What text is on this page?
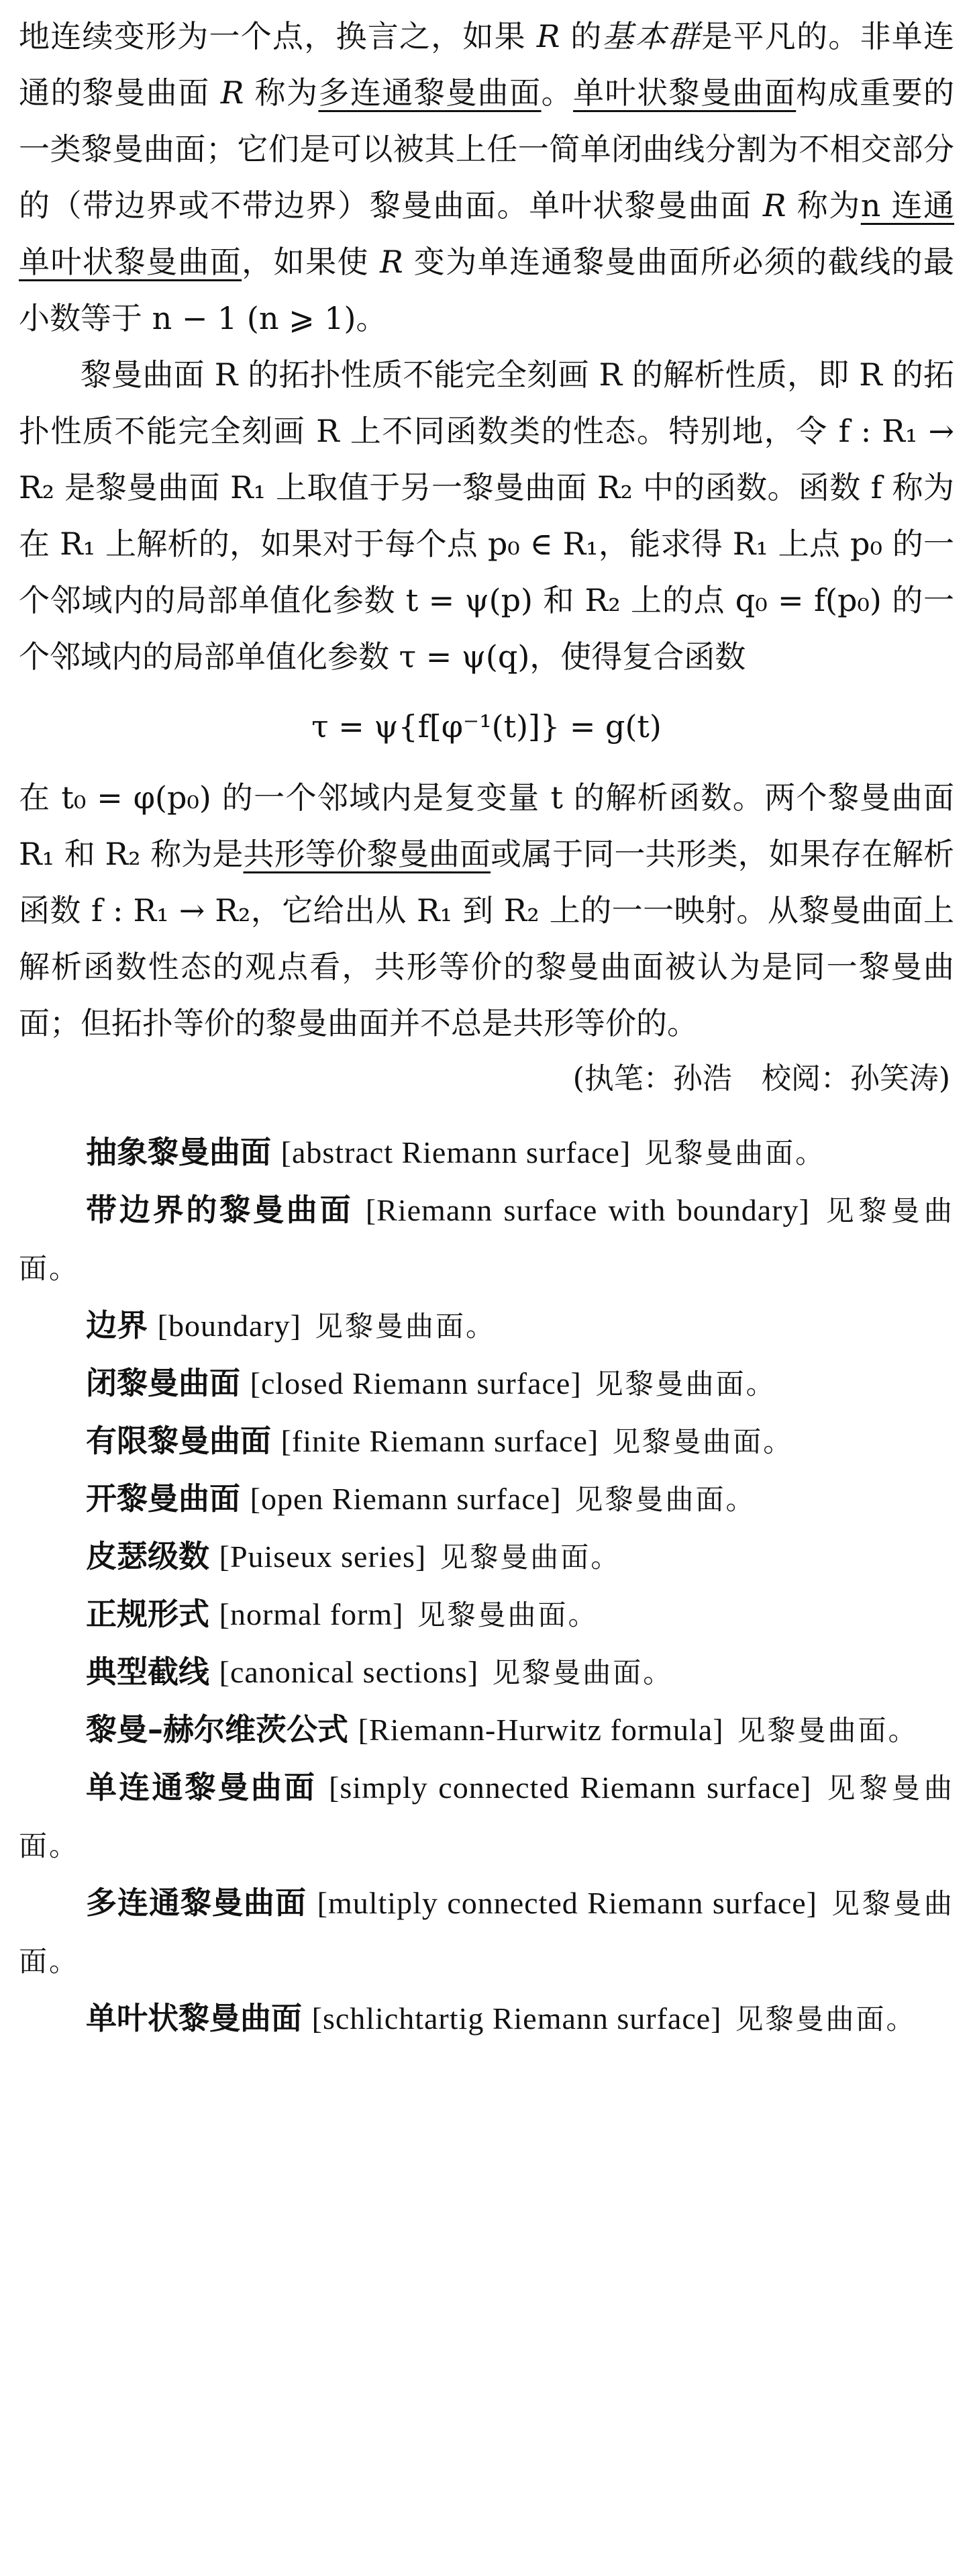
地连续变形为一个点，换言之，如果 R 的基本群是平凡的。非单连通的黎曼曲面 R 称为多连通黎曼曲面。单叶状黎曼曲面构成重要的一类黎曼曲面；它们是可以被其上任一简单闭曲线分割为不相交部分的（带边界或不带边界）黎曼曲面。单叶状黎曼曲面 R 称为n 连通单叶状黎曼曲面，如果使 R 变为单连通黎曼曲面所必须的截线的最小数等于 n − 1 (n ⩾ 1)。

黎曼曲面 R 的拓扑性质不能完全刻画 R 的解析性质，即 R 的拓扑性质不能完全刻画 R 上不同函数类的性态。特别地，令 f : R₁ → R₂ 是黎曼曲面 R₁ 上取值于另一黎曼曲面 R₂ 中的函数。函数 f 称为在 R₁ 上解析的，如果对于每个点 p₀ ∈ R₁，能求得 R₁ 上点 p₀ 的一个邻域内的局部单值化参数 t = ψ(p) 和 R₂ 上的点 q₀ = f(p₀) 的一个邻域内的局部单值化参数 τ = ψ(q)，使得复合函数

τ = ψ{f[φ⁻¹(t)]} = g(t)

在 t₀ = φ(p₀) 的一个邻域内是复变量 t 的解析函数。两个黎曼曲面 R₁ 和 R₂ 称为是共形等价黎曼曲面或属于同一共形类，如果存在解析函数 f : R₁ → R₂，它给出从 R₁ 到 R₂ 上的一一映射。从黎曼曲面上解析函数性态的观点看，共形等价的黎曼曲面被认为是同一黎曼曲面；但拓扑等价的黎曼曲面并不总是共形等价的。

(执笔：孙浩　校阅：孙笑涛)

抽象黎曼曲面 [abstract Riemann surface] 见黎曼曲面。

带边界的黎曼曲面 [Riemann surface with boundary] 见黎曼曲面。

边界 [boundary] 见黎曼曲面。

闭黎曼曲面 [closed Riemann surface] 见黎曼曲面。

有限黎曼曲面 [finite Riemann surface] 见黎曼曲面。

开黎曼曲面 [open Riemann surface] 见黎曼曲面。

皮瑟级数 [Puiseux series] 见黎曼曲面。

正规形式 [normal form] 见黎曼曲面。

典型截线 [canonical sections] 见黎曼曲面。

黎曼–赫尔维茨公式 [Riemann-Hurwitz formula] 见黎曼曲面。

单连通黎曼曲面 [simply connected Riemann surface] 见黎曼曲面。

多连通黎曼曲面 [multiply connected Riemann surface] 见黎曼曲面。

单叶状黎曼曲面 [schlichtartig Riemann surface] 见黎曼曲面。
